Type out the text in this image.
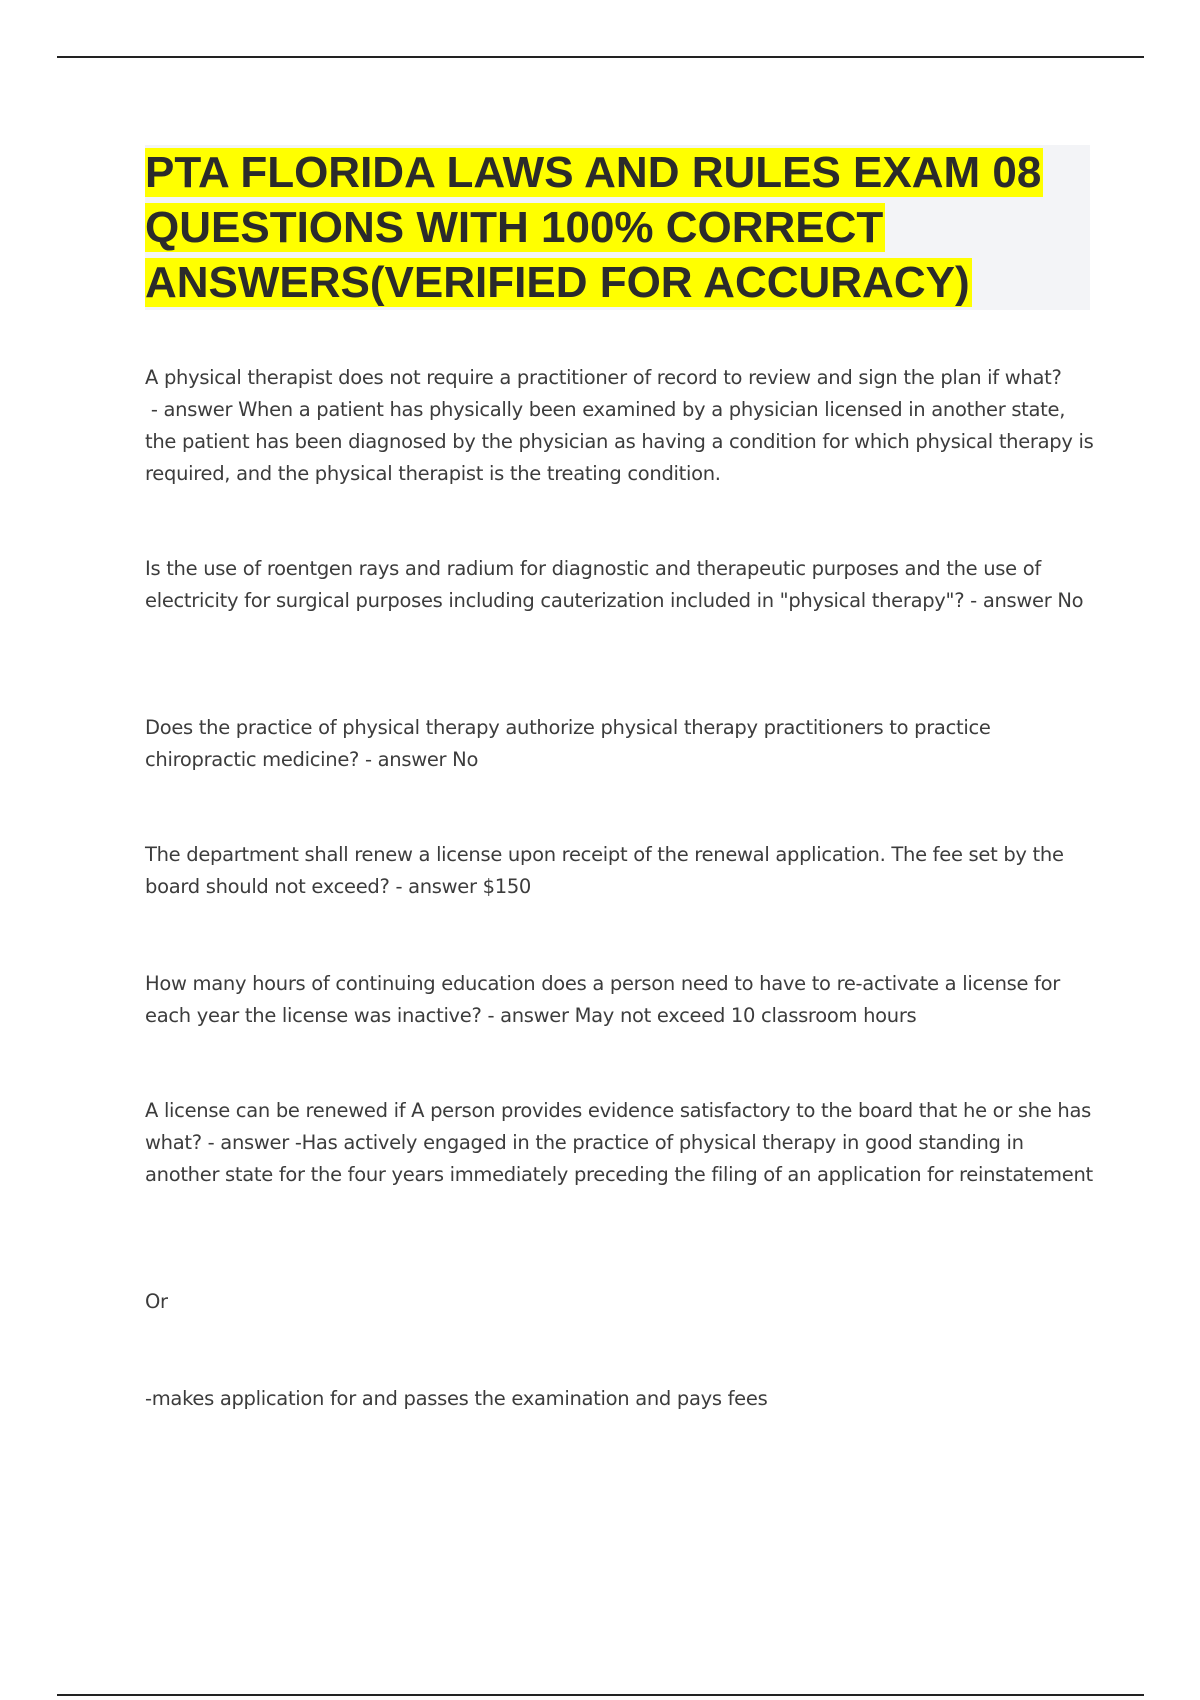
PTA FLORIDA LAWS AND RULES EXAM 08 QUESTIONS WITH 100% CORRECT ANSWERS(VERIFIED FOR ACCURACY)

A physical therapist does not require a practitioner of record to review and sign the plan if what? - answer When a patient has physically been examined by a physician licensed in another state, the patient has been diagnosed by the physician as having a condition for which physical therapy is required, and the physical therapist is the treating condition.

Is the use of roentgen rays and radium for diagnostic and therapeutic purposes and the use of electricity for surgical purposes including cauterization included in "physical therapy"? - answer No

Does the practice of physical therapy authorize physical therapy practitioners to practice chiropractic medicine? - answer No

The department shall renew a license upon receipt of the renewal application. The fee set by the board should not exceed? - answer $150

How many hours of continuing education does a person need to have to re-activate a license for each year the license was inactive? - answer May not exceed 10 classroom hours

A license can be renewed if A person provides evidence satisfactory to the board that he or she has what? - answer -Has actively engaged in the practice of physical therapy in good standing in another state for the four years immediately preceding the filing of an application for reinstatement

Or

-makes application for and passes the examination and pays fees
